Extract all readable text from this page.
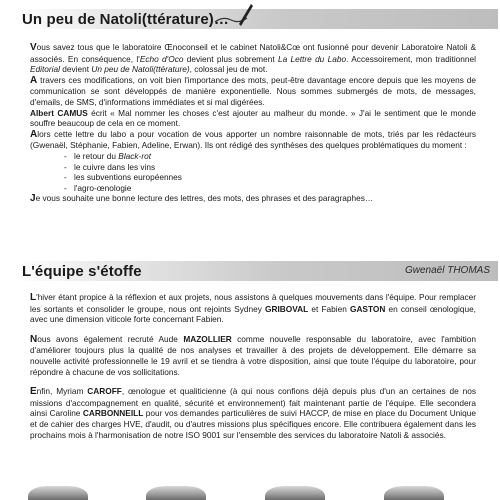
Un peu de Natoli(ttérature)…

Vous savez tous que le laboratoire Œnoconseil et le cabinet Natoli&Cœ ont fusionné pour devenir Laboratoire Natoli & associés. En conséquence, l'Echo d'Oco devient plus sobrement La Lettre du Labo. Accessoirement, mon traditionnel Editorial devient Un peu de Natoli(ttérature), colossal jeu de mot.

A travers ces modifications, on voit bien l'importance des mots, peut-être davantage encore depuis que les moyens de communication se sont développés de manière exponentielle. Nous sommes submergés de mots, de messages, d'emails, de SMS, d'informations immédiates et si mal digérées.

Albert CAMUS écrit « Mal nommer les choses c'est ajouter au malheur du monde. » J'ai le sentiment que le monde souffre beaucoup de cela en ce moment.

Alors cette lettre du labo a pour vocation de vous apporter un nombre raisonnable de mots, triés par les rédacteurs (Gwenaël, Stéphanie, Fabien, Adeline, Erwan). Ils ont rédigé des synthèses des quelques problématiques du moment :

- le retour du Black-rot
- le cuivre dans les vins
- les subventions européennes
- l'agro-œnologie

Je vous souhaite une bonne lecture des lettres, des mots, des phrases et des paragraphes…

L'équipe s'étoffe	Gwenaël THOMAS

L'hiver étant propice à la réflexion et aux projets, nous assistons à quelques mouvements dans l'équipe. Pour remplacer les sortants et consolider le groupe, nous ont rejoints Sydney GRIBOVAL et Fabien GASTON en conseil œnologique, avec une dimension viticole forte concernant Fabien.

Nous avons également recruté Aude MAZOLLIER comme nouvelle responsable du laboratoire, avec l'ambition d'améliorer toujours plus la qualité de nos analyses et travailler à des projets de développement. Elle démarre sa nouvelle activité professionnelle le 19 avril et se tiendra à votre disposition, ainsi que toute l'équipe du laboratoire, pour répondre à chacune de vos sollicitations.

Enfin, Myriam CAROFF, œnologue et qualiticienne (à qui nous confions déjà depuis plus d'un an certaines de nos missions d'accompagnement en qualité, sécurité et environnement) fait maintenant partie de l'équipe. Elle secondera ainsi Caroline CARBONNEILL pour vos demandes particulières de suivi HACCP, de mise en place du Document Unique et de cahier des charges HVE, d'audit, ou d'autres missions plus spécifiques encore. Elle contribuera également dans les prochains mois à l'harmonisation de notre ISO 9001 sur l'ensemble des services du laboratoire Natoli & associés.
